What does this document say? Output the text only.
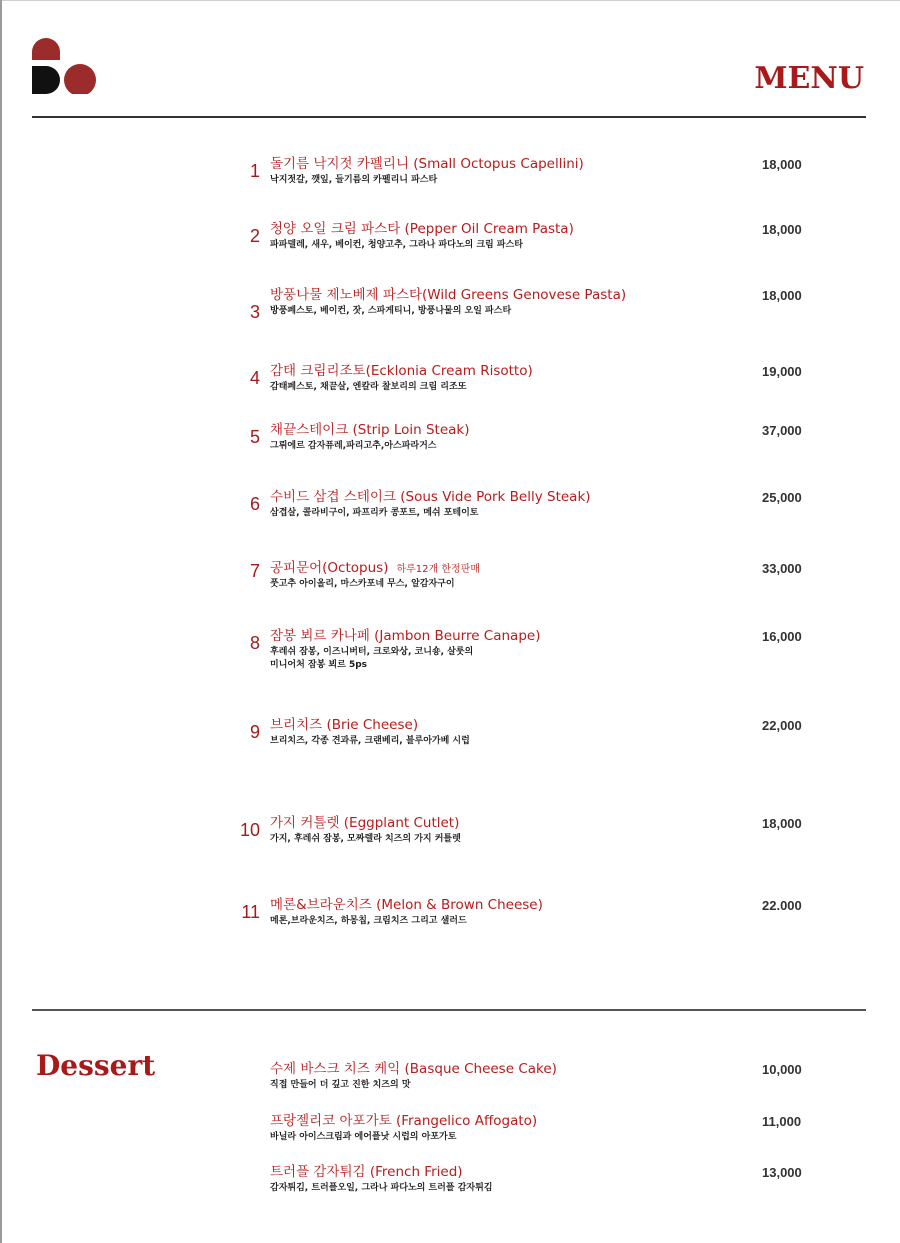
MENU
1 돌기름 낙지젓 카펠리니 (Small Octopus Capellini)
낙지젓갈, 깻잎, 들기름의 카펠리니 파스타
18,000
2 청양 오일 크림 파스타 (Pepper Oil Cream Pasta)
파파델레, 새우, 베이컨, 청양고추, 그라나 파다노의 크림 파스타
18,000
3
방풍나물 제노베제 파스타(Wild Greens Genovese Pasta)
방풍페스토, 베이컨, 잣, 스파게티니, 방풍나물의 오일 파스타
18,000
4 감태 크림리조토(Ecklonia Cream Risotto)
감태페스토, 채끝살, 엔칼라 찰보리의 크림 리조또
19,000
5 채끝스테이크 (Strip Loin Steak)
그뤼에르 감자퓨레,파리고추,아스파라거스
37,000
6 수비드 삼겹 스테이크 (Sous Vide Pork Belly Steak)
삼겹살, 콜라비구이, 파프리카 콩포트, 메쉬 포테이토
25,000
7 공피문어(Octopus) 하루12개 한정판매
풋고추 아이올리, 마스카포네 무스, 알감자구이
33,000
8 잠봉 뵈르 카나페 (Jambon Beurre Canape)
후레쉬 잠봉, 이즈니버터, 크로와상, 코니숑, 살룻의
미니어처 잠봉 뵈르 5ps
16,000
9 브리치즈 (Brie Cheese)
브리치즈, 각종 견과류, 크랜베리, 블루아가베 시럽
22,000
10 가지 커틀렛 (Eggplant Cutlet)
가지, 후레쉬 잠봉, 모짜렐라 치즈의 가지 커틀렛
18,000
11 메론&브라운치즈 (Melon & Brown Cheese)
메론,브라운치즈, 하몽칩, 크림치즈 그리고 샐러드
22.000
Dessert	수제 바스크 치즈 케익 (Basque Cheese Cake)
직접 만들어 더 깊고 진한 치즈의 맛
10,000
프랑젤리코 아포가토 (Frangelico Affogato)
바닐라 아이스크림과 에어플낫 시럽의 아포가토
11,000
트러플 감자튀김 (French Fried)
감자튀김, 트러플오일, 그라나 파다노의 트러플 감자튀김
13,000
